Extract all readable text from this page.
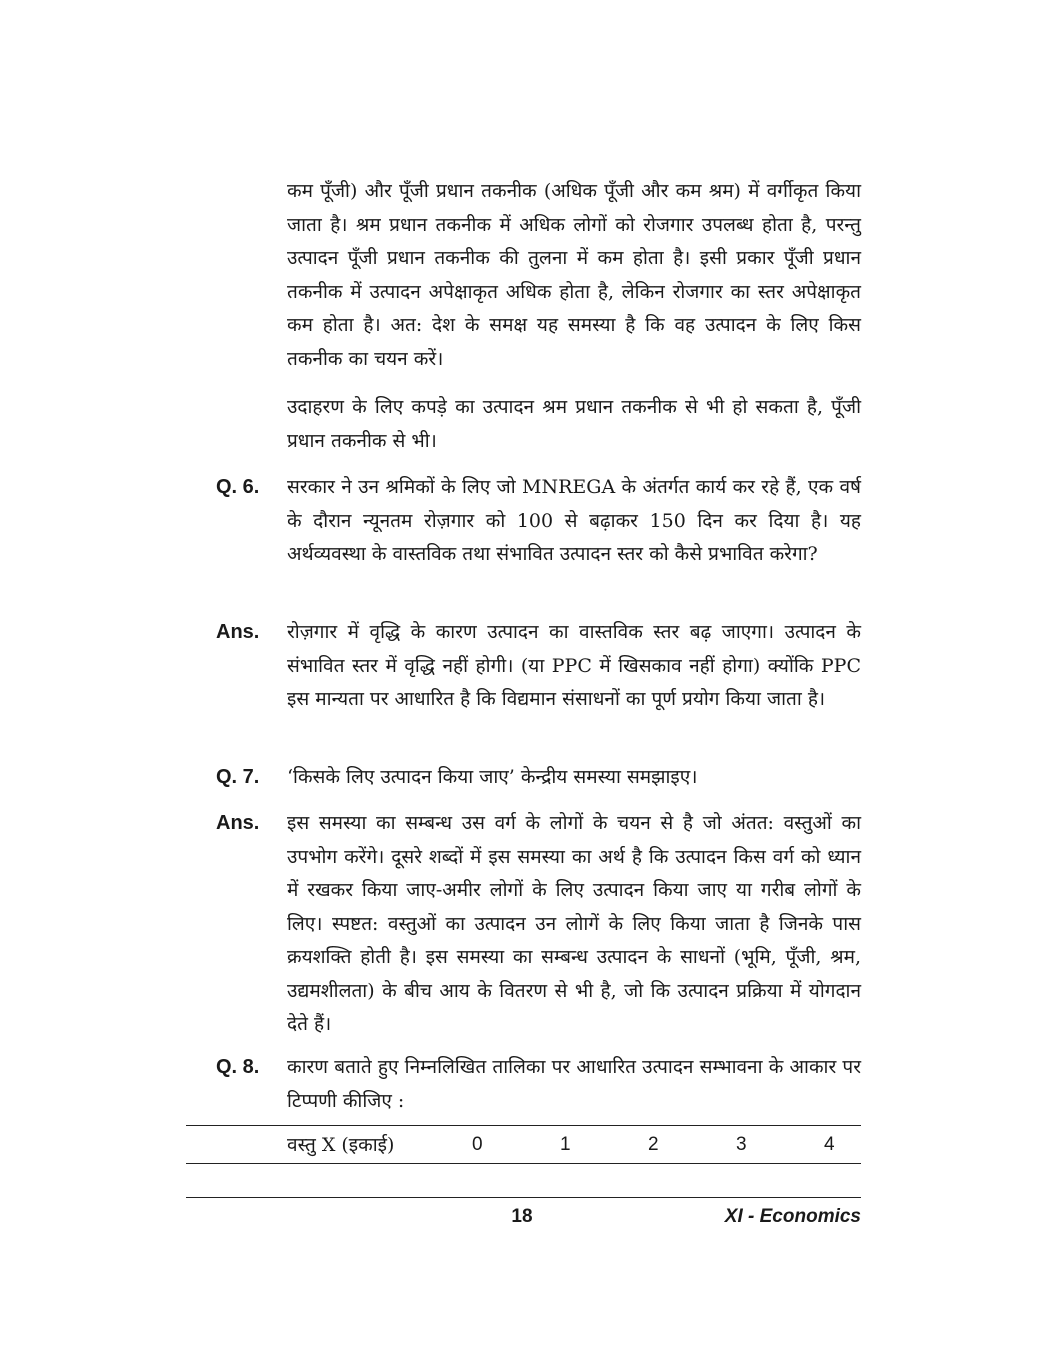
कम पूँजी) और पूँजी प्रधान तकनीक (अधिक पूँजी और कम श्रम) में वर्गीकृत किया जाता है। श्रम प्रधान तकनीक में अधिक लोगों को रोजगार उपलब्ध होता है, परन्तु उत्पादन पूँजी प्रधान तकनीक की तुलना में कम होता है। इसी प्रकार पूँजी प्रधान तकनीक में उत्पादन अपेक्षाकृत अधिक होता है, लेकिन रोजगार का स्तर अपेक्षाकृत कम होता है। अत: देश के समक्ष यह समस्या है कि वह उत्पादन के लिए किस तकनीक का चयन करें।

उदाहरण के लिए कपड़े का उत्पादन श्रम प्रधान तकनीक से भी हो सकता है, पूँजी प्रधान तकनीक से भी।

Q. 6.	सरकार ने उन श्रमिकों के लिए जो MNREGA के अंतर्गत कार्य कर रहे हैं, एक वर्ष के दौरान न्यूनतम रोज़गार को 100 से बढ़ाकर 150 दिन कर दिया है। यह अर्थव्यवस्था के वास्तविक तथा संभावित उत्पादन स्तर को कैसे प्रभावित करेगा?

Ans.	रोज़गार में वृद्धि के कारण उत्पादन का वास्तविक स्तर बढ़ जाएगा। उत्पादन के संभावित स्तर में वृद्धि नहीं होगी। (या PPC में खिसकाव नहीं होगा) क्योंकि PPC इस मान्यता पर आधारित है कि विद्यमान संसाधनों का पूर्ण प्रयोग किया जाता है।

Q. 7.	‘किसके लिए उत्पादन किया जाए’ केन्द्रीय समस्या समझाइए।

Ans.	इस समस्या का सम्बन्ध उस वर्ग के लोगों के चयन से है जो अंतत: वस्तुओं का उपभोग करेंगे। दूसरे शब्दों में इस समस्या का अर्थ है कि उत्पादन किस वर्ग को ध्यान में रखकर किया जाए-अमीर लोगों के लिए उत्पादन किया जाए या गरीब लोगों के लिए। स्पष्टत: वस्तुओं का उत्पादन उन लोागें के लिए किया जाता है जिनके पास क्रयशक्ति होती है। इस समस्या का सम्बन्ध उत्पादन के साधनों (भूमि, पूँजी, श्रम, उद्यमशीलता) के बीच आय के वितरण से भी है, जो कि उत्पादन प्रक्रिया में योगदान देते हैं।

Q. 8.	कारण बताते हुए निम्नलिखित तालिका पर आधारित उत्पादन सम्भावना के आकार पर टिप्पणी कीजिए :

वस्तु X (इकाई)	0	1	2	3	4
18	XI - Economics
